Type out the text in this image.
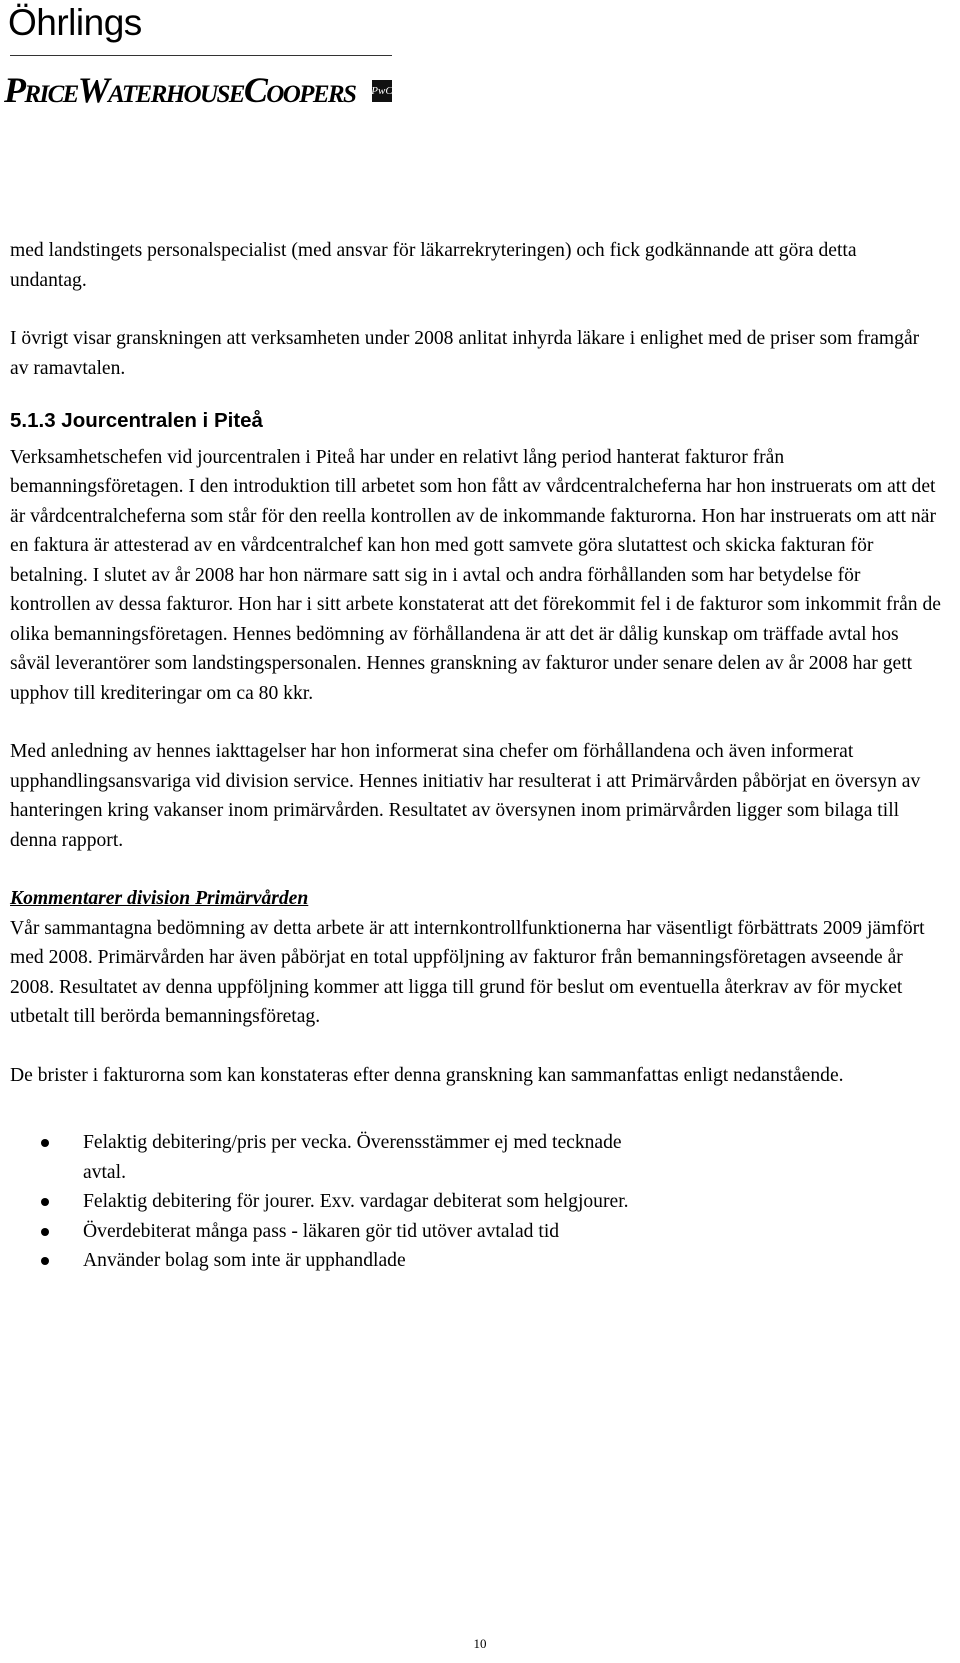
Öhrlings
PRICEWATERHOUSECOOPERS PwC

med landstingets personalspecialist (med ansvar för läkarrekryteringen) och fick godkännande att göra detta undantag.

I övrigt visar granskningen att verksamheten under 2008 anlitat inhyrda läkare i enlighet med de priser som framgår av ramavtalen.

5.1.3 Jourcentralen i Piteå

Verksamhetschefen vid jourcentralen i Piteå har under en relativt lång period hanterat fakturor från bemanningsföretagen. I den introduktion till arbetet som hon fått av vårdcentralcheferna har hon instruerats om att det är vårdcentralcheferna som står för den reella kontrollen av de inkommande fakturorna. Hon har instruerats om att när en faktura är attesterad av en vårdcentralchef kan hon med gott samvete göra slutattest och skicka fakturan för betalning. I slutet av år 2008 har hon närmare satt sig in i avtal och andra förhållanden som har betydelse för kontrollen av dessa fakturor. Hon har i sitt arbete konstaterat att det förekommit fel i de fakturor som inkommit från de olika bemanningsföretagen. Hennes bedömning av förhållandena är att det är dålig kunskap om träffade avtal hos såväl leverantörer som landstingspersonalen. Hennes granskning av fakturor under senare delen av år 2008 har gett upphov till krediteringar om ca 80 kkr.

Med anledning av hennes iakttagelser har hon informerat sina chefer om förhållandena och även informerat upphandlingsansvariga vid division service. Hennes initiativ har resulterat i att Primärvården påbörjat en översyn av hanteringen kring vakanser inom primärvården. Resultatet av översynen inom primärvården ligger som bilaga till denna rapport.

Kommentarer division Primärvården

Vår sammantagna bedömning av detta arbete är att internkontrollfunktionerna har väsentligt förbättrats 2009 jämfört med 2008. Primärvården har även påbörjat en total uppföljning av fakturor från bemanningsföretagen avseende år 2008. Resultatet av denna uppföljning kommer att ligga till grund för beslut om eventuella återkrav av för mycket utbetalt till berörda bemanningsföretag.

De brister i fakturorna som kan konstateras efter denna granskning kan sammanfattas enligt nedanstående.

Felaktig debitering/pris per vecka. Överensstämmer ej med tecknade avtal.
Felaktig debitering för jourer. Exv. vardagar debiterat som helgjourer.
Överdebiterat många pass - läkaren gör tid utöver avtalad tid
Använder bolag som inte är upphandlade
10
